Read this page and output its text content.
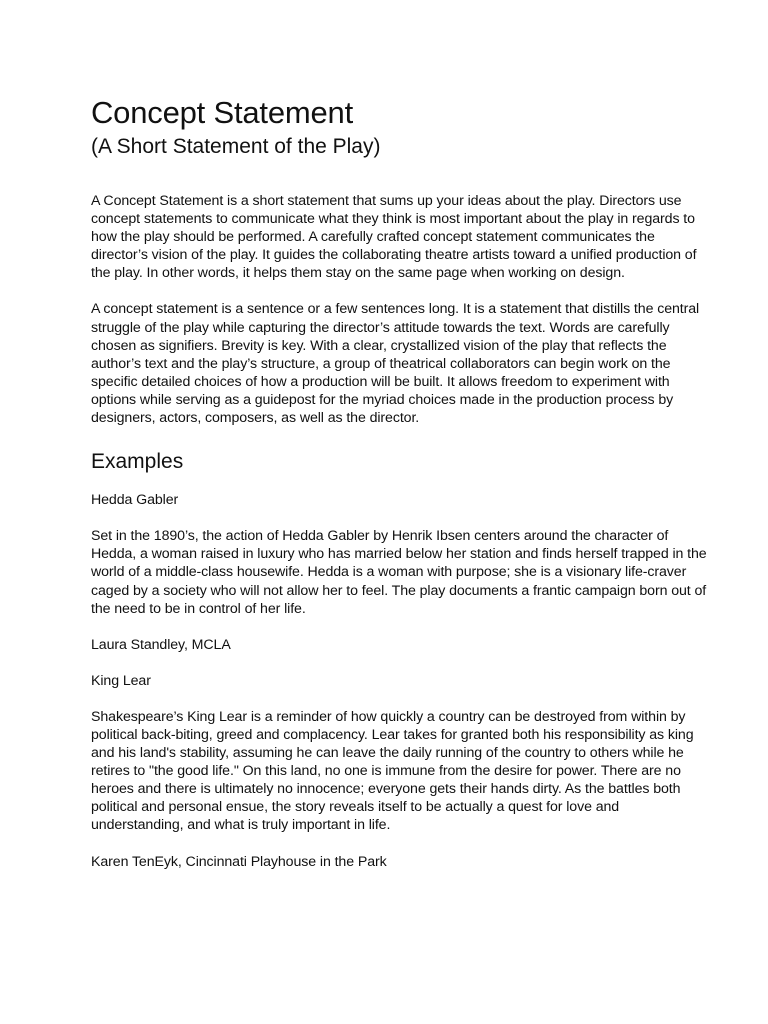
Concept Statement
(A Short Statement of the Play)

A Concept Statement is a short statement that sums up your ideas about the play. Directors use concept statements to communicate what they think is most important about the play in regards to how the play should be performed. A carefully crafted concept statement communicates the director’s vision of the play. It guides the collaborating theatre artists toward a unified production of the play. In other words, it helps them stay on the same page when working on design.

A concept statement is a sentence or a few sentences long. It is a statement that distills the central struggle of the play while capturing the director’s attitude towards the text. Words are carefully chosen as signifiers. Brevity is key. With a clear, crystallized vision of the play that reflects the author’s text and the play’s structure, a group of theatrical collaborators can begin work on the specific detailed choices of how a production will be built. It allows freedom to experiment with options while serving as a guidepost for the myriad choices made in the production process by designers, actors, composers, as well as the director.

Examples

Hedda Gabler

Set in the 1890’s, the action of Hedda Gabler by Henrik Ibsen centers around the character of Hedda, a woman raised in luxury who has married below her station and finds herself trapped in the world of a middle-class housewife. Hedda is a woman with purpose; she is a visionary life-craver caged by a society who will not allow her to feel. The play documents a frantic campaign born out of the need to be in control of her life.

Laura Standley, MCLA

King Lear

Shakespeare’s King Lear is a reminder of how quickly a country can be destroyed from within by political back-biting, greed and complacency. Lear takes for granted both his responsibility as king and his land's stability, assuming he can leave the daily running of the country to others while he retires to "the good life." On this land, no one is immune from the desire for power. There are no heroes and there is ultimately no innocence; everyone gets their hands dirty. As the battles both political and personal ensue, the story reveals itself to be actually a quest for love and understanding, and what is truly important in life.

Karen TenEyk, Cincinnati Playhouse in the Park
